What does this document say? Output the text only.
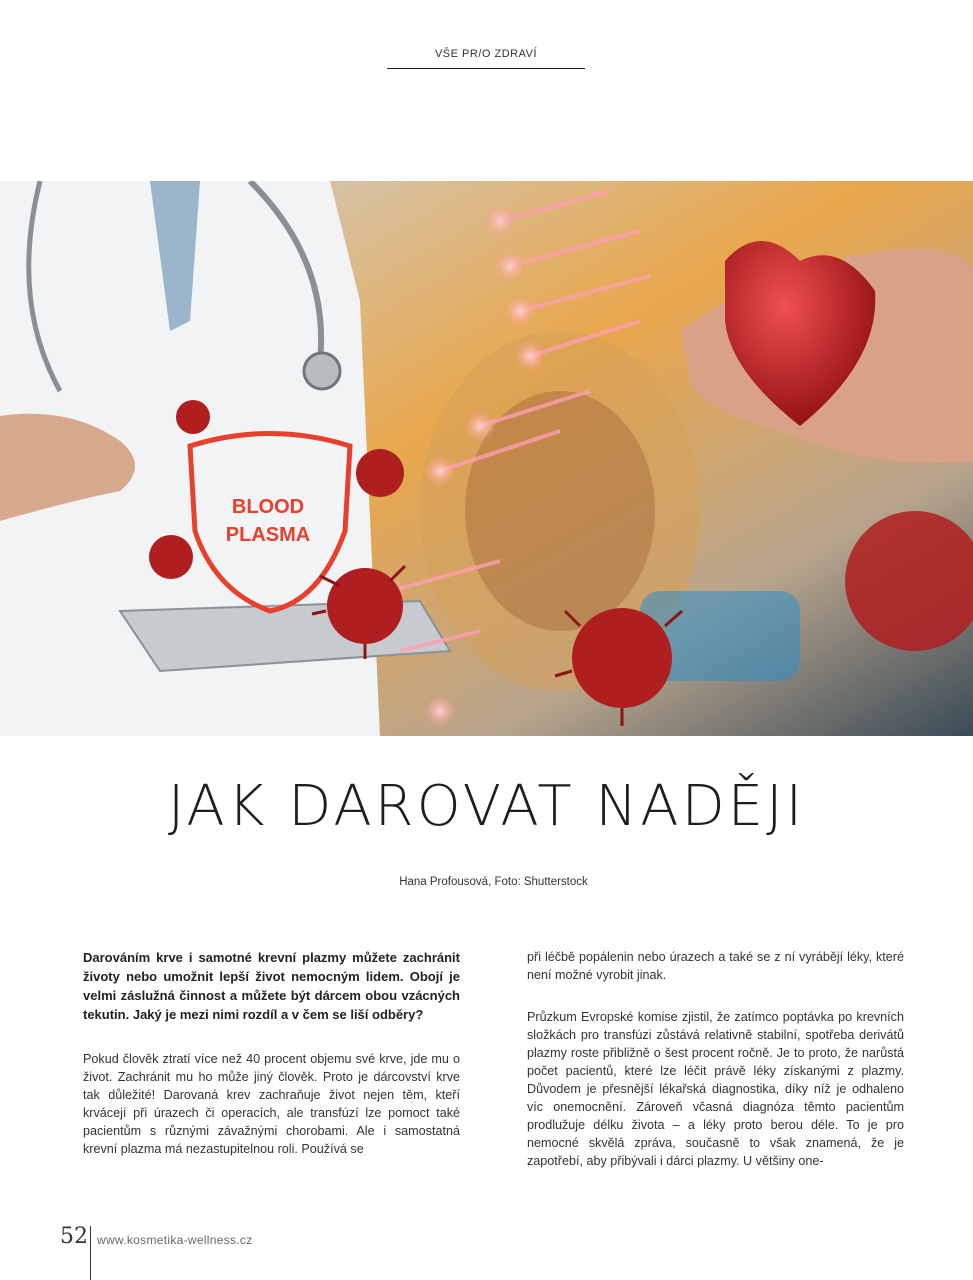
VŠE PR/O ZDRAVÍ
BLOOD
PLASMA
JAK DAROVAT NADĚJI
Hana Profousová, Foto: Shutterstock

Darováním krve i samotné krevní plazmy můžete zachránit životy nebo umožnit lepší život nemocným lidem. Obojí je velmi záslužná činnost a můžete být dárcem obou vzácných tekutin. Jaký je mezi nimi rozdíl a v čem se liší odběry?

Pokud člověk ztratí více než 40 procent objemu své krve, jde mu o život. Zachránit mu ho může jiný člověk. Proto je dárcovství krve tak důležité! Darovaná krev zachraňuje život nejen těm, kteří krvácejí při úrazech či operacích, ale transfúzí lze pomoct také pacientům s různými závažnými chorobami. Ale i samostatná krevní plazma má nezastupitelnou roli. Používá se

při léčbě popálenin nebo úrazech a také se z ní vyrábějí léky, které není možné vyrobit jinak.

Průzkum Evropské komise zjistil, že zatímco poptávka po krevních složkách pro transfúzi zůstává relativně stabilní, spotřeba derivátů plazmy roste přibližně o šest procent ročně. Je to proto, že narůstá počet pacientů, které lze léčit právě léky získanými z plazmy. Důvodem je přesnější lékařská diagnostika, díky níž je odhaleno víc onemocnění. Zároveň včasná diagnóza těmto pacientům prodlužuje délku života – a léky proto berou déle. To je pro nemocné skvělá zpráva, současně to však znamená, že je zapotřebí, aby přibývali i dárci plazmy. U většiny one-

52 www.kosmetika-wellness.cz
